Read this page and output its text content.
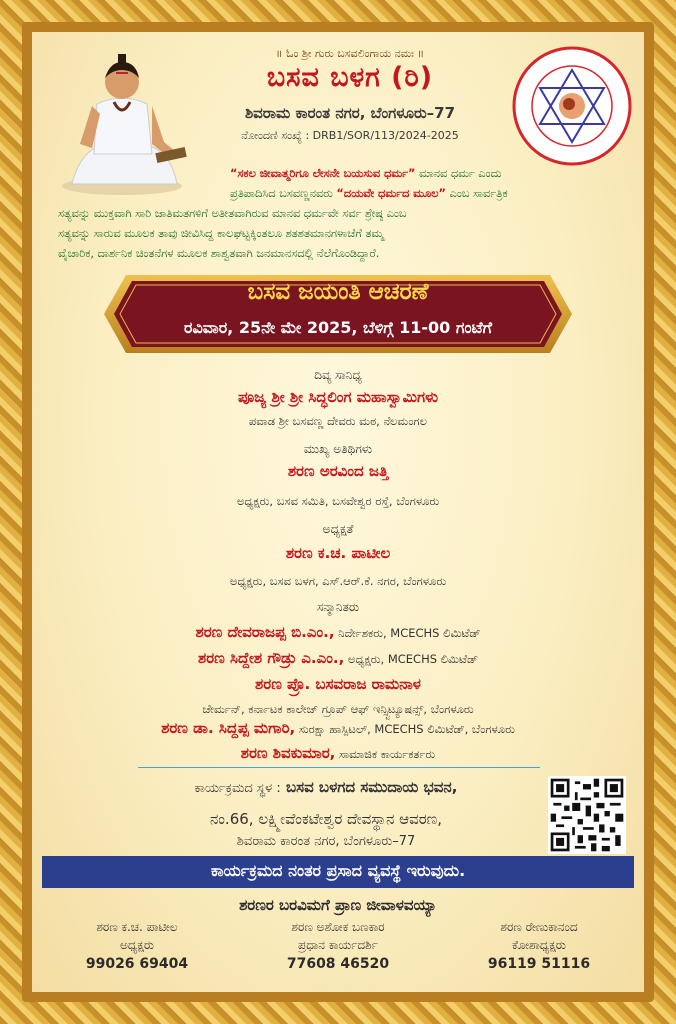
॥ ಓಂ ಶ್ರೀ ಗುರು ಬಸವಲಿಂಗಾಯ ನಮಃ ॥
ಬಸವ ಬಳಗ (ರಿ)
ಶಿವರಾಮ ಕಾರಂತ ನಗರ, ಬೆಂಗಳೂರು–77
ನೋಂದಣಿ ಸಂಖ್ಯೆ : DRB1/SOR/113/2024-2025
“ಸಕಲ ಜೀವಾತ್ಮರಿಗೂ ಲೇಸನೇ ಬಯಸುವ ಧರ್ಮ” ಮಾನವ ಧರ್ಮ ಎಂದು
ಪ್ರತಿಪಾದಿಸಿದ ಬಸವಣ್ಣನವರು “ದಯವೇ ಧರ್ಮದ ಮೂಲ” ಎಂಬ ಸಾರ್ವತ್ರಿಕ
ಸತ್ಯವನ್ನು ಮುಕ್ತವಾಗಿ ಸಾರಿ ಜಾತಿಮತಗಳಿಗೆ ಅತೀತವಾಗಿರುವ ಮಾನವ ಧರ್ಮವೇ ಸರ್ವ ಶ್ರೇಷ್ಠ ಎಂಬ
ಸತ್ಯವನ್ನು ಸಾರುವ ಮೂಲಕ ತಾವು ಜೀವಿಸಿದ್ದ ಕಾಲಘಟ್ಟಕ್ಕಿಂತಲೂ ಶತಶತಮಾನಗಳಾಚೆಗೆ ತಮ್ಮ
ವೈಚಾರಿಕ, ದಾರ್ಶನಿಕ ಚಿಂತನೆಗಳ ಮೂಲಕ ಶಾಶ್ವತವಾಗಿ ಜನಮಾನಸದಲ್ಲಿ ನೆಲೆಗೊಂಡಿದ್ದಾರೆ.
ಬಸವ ಜಯಂತಿ ಆಚರಣೆ
ರವಿವಾರ, 25ನೇ ಮೇ 2025, ಬೆಳಿಗ್ಗೆ 11-00 ಗಂಟೆಗೆ
ದಿವ್ಯ ಸಾನಿಧ್ಯ
ಪೂಜ್ಯ ಶ್ರೀ ಶ್ರೀ ಸಿದ್ಧಲಿಂಗ ಮಹಾಸ್ವಾಮಿಗಳು
ಪವಾಡ ಶ್ರೀ ಬಸವಣ್ಣ ದೇವರು ಮಠ, ನೆಲಮಂಗಲ
ಮುಖ್ಯ ಅತಿಥಿಗಳು
ಶರಣ ಅರವಿಂದ ಜತ್ತಿ
ಅಧ್ಯಕ್ಷರು, ಬಸವ ಸಮಿತಿ, ಬಸವೇಶ್ವರ ರಸ್ತೆ, ಬೆಂಗಳೂರು
ಅಧ್ಯಕ್ಷತೆ
ಶರಣ ಕ.ಚ. ಪಾಟೀಲ
ಅಧ್ಯಕ್ಷರು, ಬಸವ ಬಳಗ, ಎಸ್.ಆರ್.ಕೆ. ನಗರ, ಬೆಂಗಳೂರು
ಸನ್ಮಾನಿತರು
ಶರಣ ದೇವರಾಜಪ್ಪ ಬಿ.ಎಂ., ನಿರ್ದೇಶಕರು, MCECHS ಲಿಮಿಟೆಡ್
ಶರಣ ಸಿದ್ದೇಶ ಗೌಡ್ರು ಎ.ಎಂ., ಅಧ್ಯಕ್ಷರು, MCECHS ಲಿಮಿಟೆಡ್
ಶರಣ ಪ್ರೊ. ಬಸವರಾಜ ರಾಮನಾಳ
ಚೇರ್ಮನ್, ಕರ್ನಾಟಕ ಕಾಲೇಜ್ ಗ್ರೂಪ್ ಆಫ್ ಇನ್ಸ್ಟಿಟ್ಯೂಷನ್ಸ್, ಬೆಂಗಳೂರು
ಶರಣ ಡಾ. ಸಿದ್ದಪ್ಪ ಮಗಾರಿ, ಸುರಕ್ಷಾ ಹಾಸ್ಪಿಟಲ್, MCECHS ಲಿಮಿಟೆಡ್, ಬೆಂಗಳೂರು
ಶರಣ ಶಿವಕುಮಾರ, ಸಾಮಾಜಿಕ ಕಾರ್ಯಕರ್ತರು
ಕಾರ್ಯಕ್ರಮದ ಸ್ಥಳ : ಬಸವ ಬಳಗದ ಸಮುದಾಯ ಭವನ,
ನಂ.66, ಲಕ್ಷ್ಮೀವೆಂಕಟೇಶ್ವರ ದೇವಸ್ಥಾನ ಆವರಣ,
ಶಿವರಾಮ ಕಾರಂತ ನಗರ, ಬೆಂಗಳೂರು–77
ಕಾರ್ಯಕ್ರಮದ ನಂತರ ಪ್ರಸಾದ ವ್ಯವಸ್ಥೆ ಇರುವುದು.
ಶರಣರ ಬರವಿಮಗೆ ಪ್ರಾಣ ಜೀವಾಳವಯ್ಯಾ
ಶರಣ ಕ.ಚ. ಪಾಟೀಲ
ಅಧ್ಯಕ್ಷರು
99026 69404
ಶರಣ ಅಶೋಕ ಬಣಕಾರ
ಪ್ರಧಾನ ಕಾರ್ಯದರ್ಶಿ
77608 46520
ಶರಣ ರೇಣುಕಾನಂದ
ಕೋಶಾಧ್ಯಕ್ಷರು
96119 51116
